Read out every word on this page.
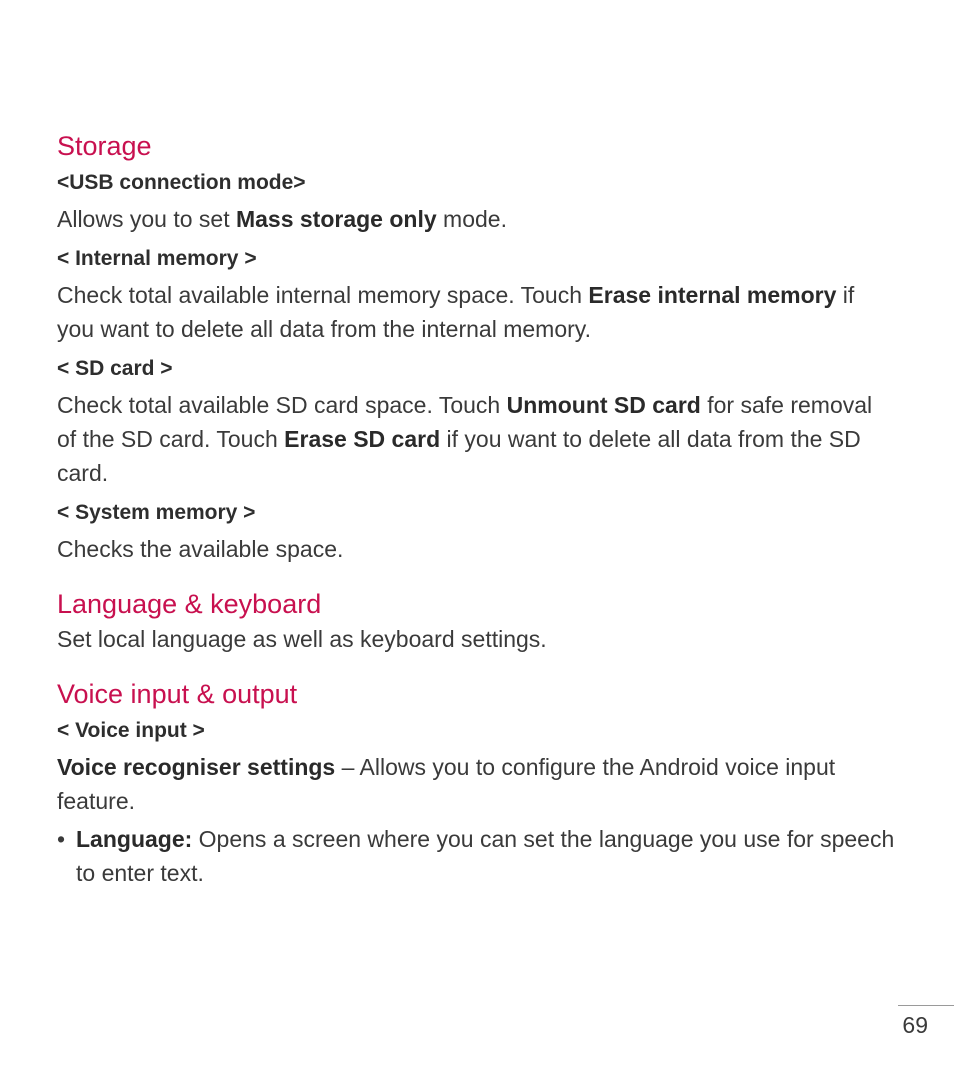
Storage
<USB connection mode>

Allows you to set Mass storage only mode.

< Internal memory >

Check total available internal memory space. Touch Erase internal memory if you want to delete all data from the internal memory.

< SD card >

Check total available SD card space. Touch Unmount SD card for safe removal of the SD card. Touch Erase SD card if you want to delete all data from the SD card.

< System memory >

Checks the available space.

Language & keyboard

Set local language as well as keyboard settings.

Voice input & output
< Voice input >

Voice recogniser settings – Allows you to configure the Android voice input feature.

• Language: Opens a screen where you can set the language you use for speech to enter text.
69
